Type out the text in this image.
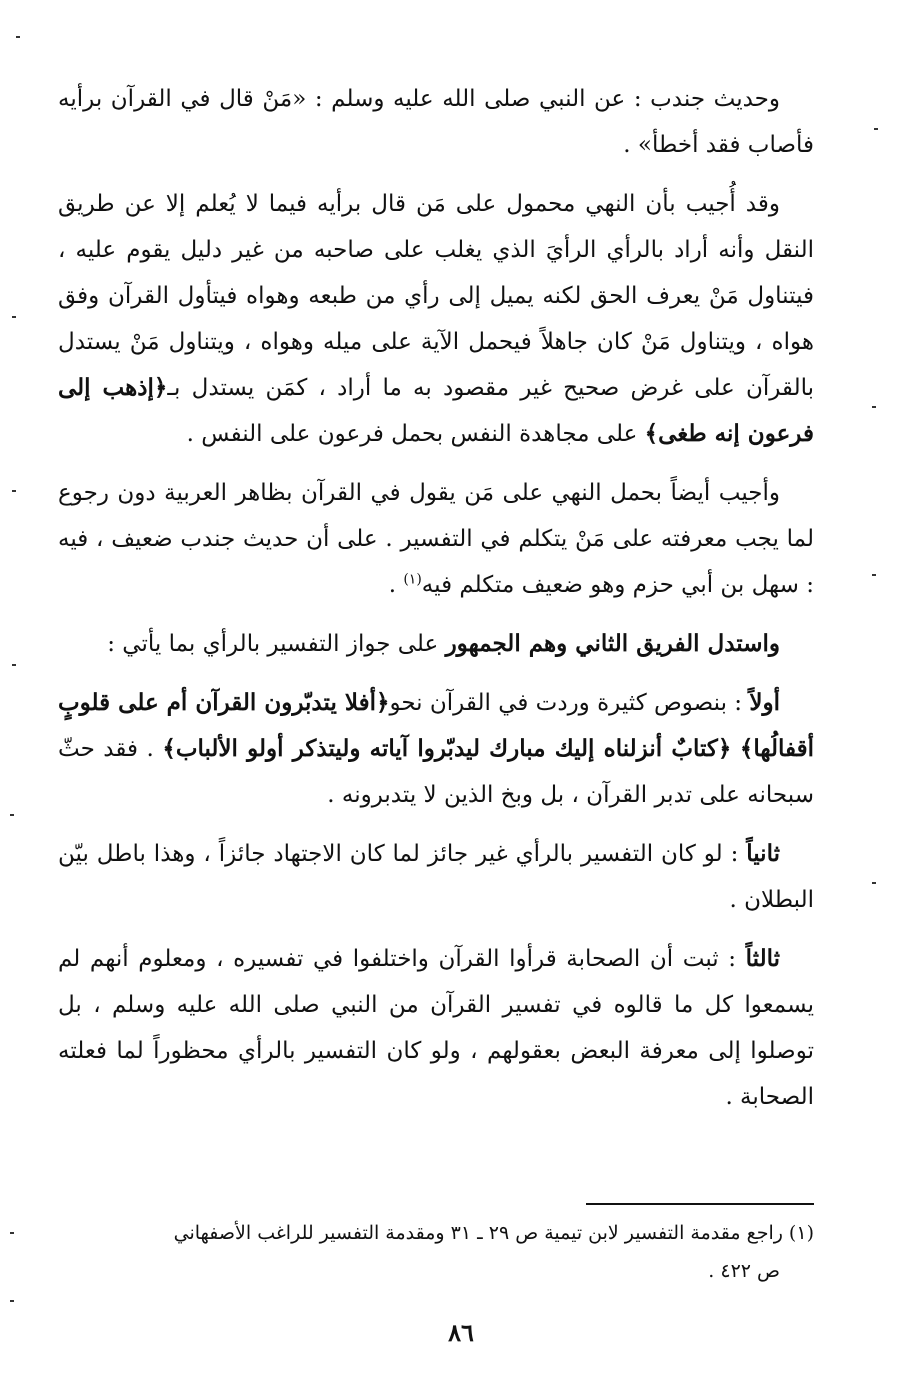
وحديث جندب : عن النبي صلى الله عليه وسلم : «مَنْ قال في القرآن برأيه فأصاب فقد أخطأ» .

وقد أُجيب بأن النهي محمول على مَن قال برأيه فيما لا يُعلم إلا عن طريق النقل وأنه أراد بالرأي الرأيَ الذي يغلب على صاحبه من غير دليل يقوم عليه ، فيتناول مَنْ يعرف الحق لكنه يميل إلى رأي من طبعه وهواه فيتأول القرآن وفق هواه ، ويتناول مَنْ كان جاهلاً فيحمل الآية على ميله وهواه ، ويتناول مَنْ يستدل بالقرآن على غرض صحيح غير مقصود به ما أراد ، كمَن يستدل بـ﴿إذهب إلى فرعون إنه طغى﴾ على مجاهدة النفس بحمل فرعون على النفس .

وأجيب أيضاً بحمل النهي على مَن يقول في القرآن بظاهر العربية دون رجوع لما يجب معرفته على مَنْ يتكلم في التفسير . على أن حديث جندب ضعيف ، فيه : سهل بن أبي حزم وهو ضعيف متكلم فيه$^{(١)}$ .

واستدل الفريق الثاني وهم الجمهور على جواز التفسير بالرأي بما يأتي :

أولاً : بنصوص كثيرة وردت في القرآن نحو﴿أفلا يتدبّرون القرآن أم على قلوبٍ أقفالُها﴾ ﴿كتابٌ أنزلناه إليك مبارك ليدبّروا آياته وليتذكر أولو الألباب﴾ . فقد حثّ سبحانه على تدبر القرآن ، بل وبخ الذين لا يتدبرونه .

ثانياً : لو كان التفسير بالرأي غير جائز لما كان الاجتهاد جائزاً ، وهذا باطل بيّن البطلان .

ثالثاً : ثبت أن الصحابة قرأوا القرآن واختلفوا في تفسيره ، ومعلوم أنهم لم يسمعوا كل ما قالوه في تفسير القرآن من النبي صلى الله عليه وسلم ، بل توصلوا إلى معرفة البعض بعقولهم ، ولو كان التفسير بالرأي محظوراً لما فعلته الصحابة .

(١) راجع مقدمة التفسير لابن تيمية ص ٢٩ ـ ٣١ ومقدمة التفسير للراغب الأصفهاني
ص ٤٢٢ .
٨٦
